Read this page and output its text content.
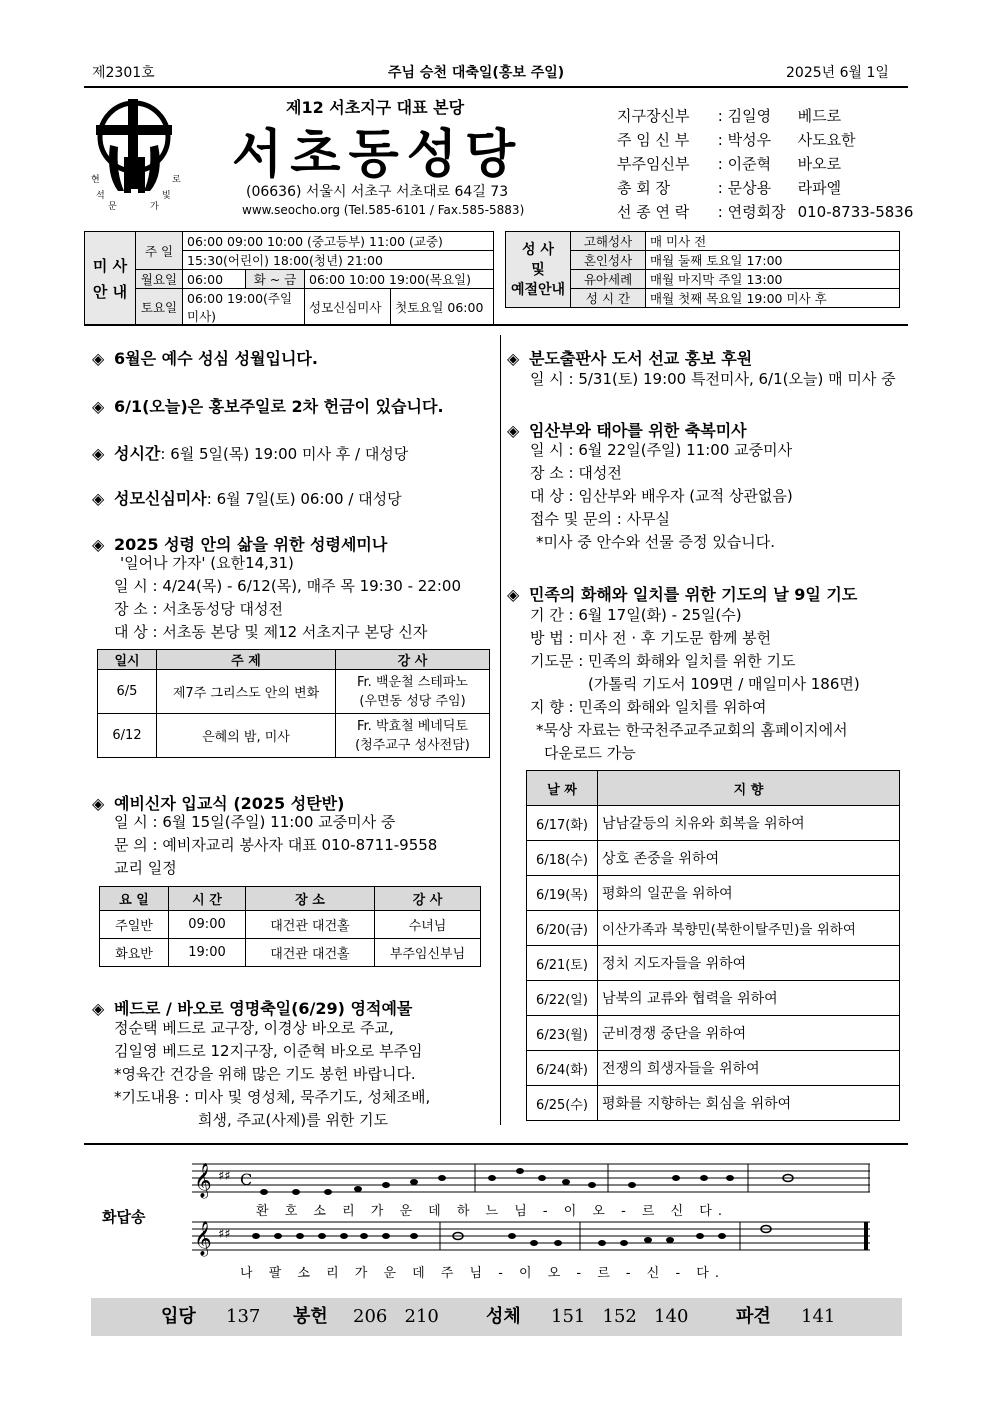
제2301호	주님 승천 대축일(홍보 주일)	2025년 6월 1일
현	로
석	빛
문	가
제12 서초지구 대표 본당
서초동성당
(06636) 서울시 서초구 서초대로 64길 73
www.seocho.org (Tel.585-6101 / Fax.585-5883)
지구장신부 : 김일영 베드로
주 임 신 부 : 박성우 사도요한
부주임신부 : 이준혁 바오로
총 회 장	: 문상용 라파엘
선 종 연 락 : 연령회장 010-8733-5836
미 사
안 내	주 일	06:00 09:00 10:00 (중고등부) 11:00 (교중)			
		15:30(어린이) 18:00(청년) 21:00			
	월요일	06:00	화 ~ 금	06:00 10:00 19:00(목요일)	
	토요일	06:00 19:00(주일미사)		성모신심미사	첫토요일 06:00
성 사
및
예절안내	고해성사	매 미사 전
	혼인성사	매월 둘째 토요일 17:00
	유아세례	매월 마지막 주일 13:00
	성 시 간	매월 첫째 목요일 19:00 미사 후
◈ 6월은 예수 성심 성월입니다.
◈ 6/1(오늘)은 홍보주일로 2차 헌금이 있습니다.
◈ 성시간: 6월 5일(목) 19:00 미사 후 / 대성당
◈ 성모신심미사: 6월 7일(토) 06:00 / 대성당
◈ 2025 성령 안의 삶을 위한 성령세미나
'일어나 가자' (요한14,31)
일 시 : 4/24(목) - 6/12(목), 매주 목 19:30 - 22:00
장 소 : 서초동성당 대성전
대 상 : 서초동 본당 및 제12 서초지구 본당 신자
일시	주 제	강 사
6/5	제7주 그리스도 안의 변화	Fr. 백운철 스테파노
(우면동 성당 주임)
6/12	은혜의 밤, 미사	Fr. 박효철 베네딕토
(청주교구 성사전담)
◈ 예비신자 입교식 (2025 성탄반)
일 시 : 6월 15일(주일) 11:00 교중미사 중
문 의 : 예비자교리 봉사자 대표 010-8711-9558
교리 일정
요 일	시 간	장 소	강 사
주일반	09:00	대건관 대건홀	수녀님
화요반	19:00	대건관 대건홀	부주임신부님
◈ 베드로 / 바오로 영명축일(6/29) 영적예물
정순택 베드로 교구장, 이경상 바오로 주교,
김일영 베드로 12지구장, 이준혁 바오로 부주임
*영육간 건강을 위해 많은 기도 봉헌 바랍니다.
*기도내용 : 미사 및 영성체, 묵주기도, 성체조배,
희생, 주교(사제)를 위한 기도
◈ 분도출판사 도서 선교 홍보 후원
일 시 : 5/31(토) 19:00 특전미사, 6/1(오늘) 매 미사 중
◈ 임산부와 태아를 위한 축복미사
일 시 : 6월 22일(주일) 11:00 교중미사
장 소 : 대성전
대 상 : 임산부와 배우자 (교적 상관없음)
접수 및 문의 : 사무실
*미사 중 안수와 선물 증정 있습니다.
◈ 민족의 화해와 일치를 위한 기도의 날 9일 기도
기 간 : 6월 17일(화) - 25일(수)
방 법 : 미사 전 · 후 기도문 함께 봉헌
기도문 : 민족의 화해와 일치를 위한 기도
(가톨릭 기도서 109면 / 매일미사 186면)
지 향 : 민족의 화해와 일치를 위하여
*묵상 자료는 한국천주교주교회의 홈페이지에서
다운로드 가능
날 짜	지 향
6/17(화)	남남갈등의 치유와 회복을 위하여
6/18(수)	상호 존중을 위하여
6/19(목)	평화의 일꾼을 위하여
6/20(금)	이산가족과 북향민(북한이탈주민)을 위하여
6/21(토)	정치 지도자들을 위하여
6/22(일)	남북의 교류와 협력을 위하여
6/23(월)	군비경쟁 중단을 위하여
6/24(화)	전쟁의 희생자들을 위하여
6/25(수)	평화를 지향하는 회심을 위하여
화답송
𝄞 ♯♯ C
환 호 소 리 가 운 데 하 느 님 - 이 오 - 르 신 다.
𝄞 ♯♯
나 팔 소 리 가 운 데 주 님 - 이 오 - 르 - 신 - 다.
입당 137 봉헌 206   210	성체 151   152   140	파견 141
